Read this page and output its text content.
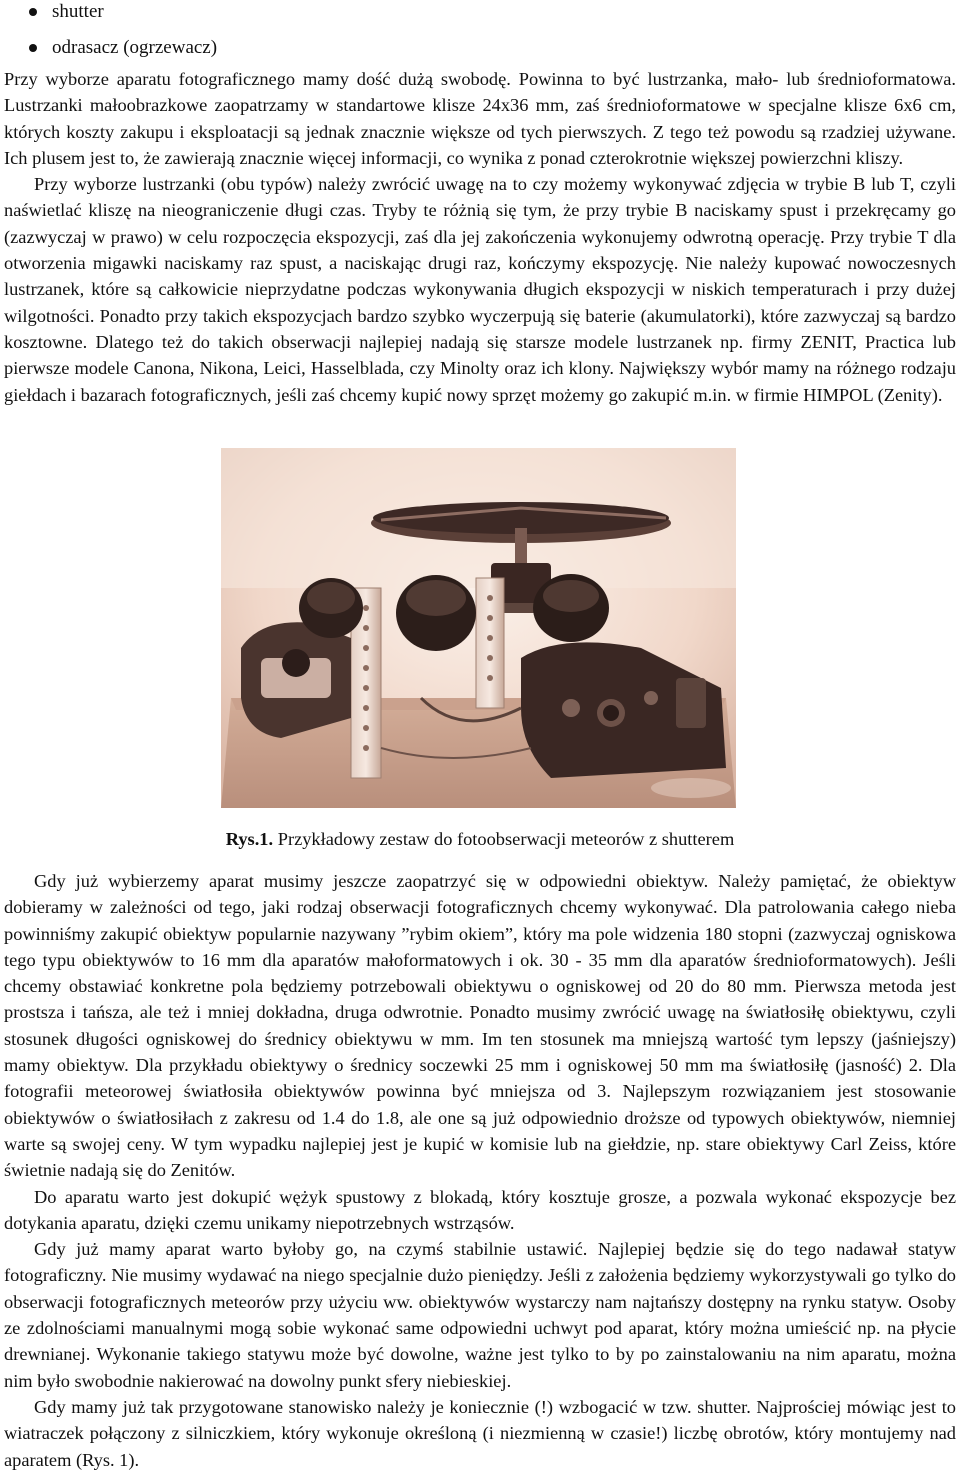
shutter
odrasacz (ogrzewacz)

Przy wyborze aparatu fotograficznego mamy dość dużą swobodę. Powinna to być lustrzanka, mało- lub średnioformatowa. Lustrzanki małoobrazkowe zaopatrzamy w standartowe klisze 24x36 mm, zaś średnioformatowe w specjalne klisze 6x6 cm, których koszty zakupu i eksploatacji są jednak znacznie większe od tych pierwszych. Z tego też powodu są rzadziej używane. Ich plusem jest to, że zawierają znacznie więcej informacji, co wynika z ponad czterokrotnie większej powierzchni kliszy.

Przy wyborze lustrzanki (obu typów) należy zwrócić uwagę na to czy możemy wykonywać zdjęcia w trybie B lub T, czyli naświetlać kliszę na nieograniczenie długi czas. Tryby te różnią się tym, że przy trybie B naciskamy spust i przekręcamy go (zazwyczaj w prawo) w celu rozpoczęcia ekspozycji, zaś dla jej zakończenia wykonujemy odwrotną operację. Przy trybie T dla otworzenia migawki naciskamy raz spust, a naciskając drugi raz, kończymy ekspozycję. Nie należy kupować nowoczesnych lustrzanek, które są całkowicie nieprzydatne podczas wykonywania długich ekspozycji w niskich temperaturach i przy dużej wilgotności. Ponadto przy takich ekspozycjach bardzo szybko wyczerpują się baterie (akumulatorki), które zazwyczaj są bardzo kosztowne. Dlatego też do takich obserwacji najlepiej nadają się starsze modele lustrzanek np. firmy ZENIT, Practica lub pierwsze modele Canona, Nikona, Leici, Hasselblada, czy Minolty oraz ich klony. Największy wybór mamy na różnego rodzaju giełdach i bazarach fotograficznych, jeśli zaś chcemy kupić nowy sprzęt możemy go zakupić m.in. w firmie HIMPOL (Zenity).

Rys.1. Przykładowy zestaw do fotoobserwacji meteorów z shutterem

Gdy już wybierzemy aparat musimy jeszcze zaopatrzyć się w odpowiedni obiektyw. Należy pamiętać, że obiektyw dobieramy w zależności od tego, jaki rodzaj obserwacji fotograficznych chcemy wykonywać. Dla patrolowania całego nieba powinniśmy zakupić obiektyw popularnie nazywany ”rybim okiem”, który ma pole widzenia 180 stopni (zazwyczaj ogniskowa tego typu obiektywów to 16 mm dla aparatów małoformatowych i ok. 30 - 35 mm dla aparatów średnioformatowych). Jeśli chcemy obstawiać konkretne pola będziemy potrzebowali obiektywu o ogniskowej od 20 do 80 mm. Pierwsza metoda jest prostsza i tańsza, ale też i mniej dokładna, druga odwrotnie. Ponadto musimy zwrócić uwagę na światłosiłę obiektywu, czyli stosunek długości ogniskowej do średnicy obiektywu w mm. Im ten stosunek ma mniejszą wartość tym lepszy (jaśniejszy) mamy obiektyw. Dla przykładu obiektywy o średnicy soczewki 25 mm i ogniskowej 50 mm ma światłosiłę (jasność) 2. Dla fotografii meteorowej światłosiła obiektywów powinna być mniejsza od 3. Najlepszym rozwiązaniem jest stosowanie obiektywów o światłosiłach z zakresu od 1.4 do 1.8, ale one są już odpowiednio droższe od typowych obiektywów, niemniej warte są swojej ceny. W tym wypadku najlepiej jest je kupić w komisie lub na giełdzie, np. stare obiektywy Carl Zeiss, które świetnie nadają się do Zenitów.

Do aparatu warto jest dokupić wężyk spustowy z blokadą, który kosztuje grosze, a pozwala wykonać ekspozycje bez dotykania aparatu, dzięki czemu unikamy niepotrzebnych wstrząsów.

Gdy już mamy aparat warto byłoby go, na czymś stabilnie ustawić. Najlepiej będzie się do tego nadawał statyw fotograficzny. Nie musimy wydawać na niego specjalnie dużo pieniędzy. Jeśli z założenia będziemy wykorzystywali go tylko do obserwacji fotograficznych meteorów przy użyciu ww. obiektywów wystarczy nam najtańszy dostępny na rynku statyw. Osoby ze zdolnościami manualnymi mogą sobie wykonać same odpowiedni uchwyt pod aparat, który można umieścić np. na płycie drewnianej. Wykonanie takiego statywu może być dowolne, ważne jest tylko to by po zainstalowaniu na nim aparatu, można nim było swobodnie nakierować na dowolny punkt sfery niebieskiej.

Gdy mamy już tak przygotowane stanowisko należy je koniecznie (!) wzbogacić w tzw. shutter. Najprościej mówiąc jest to wiatraczek połączony z silniczkiem, który wykonuje określoną (i niezmienną w czasie!) liczbę obrotów, który montujemy nad aparatem (Rys. 1).
